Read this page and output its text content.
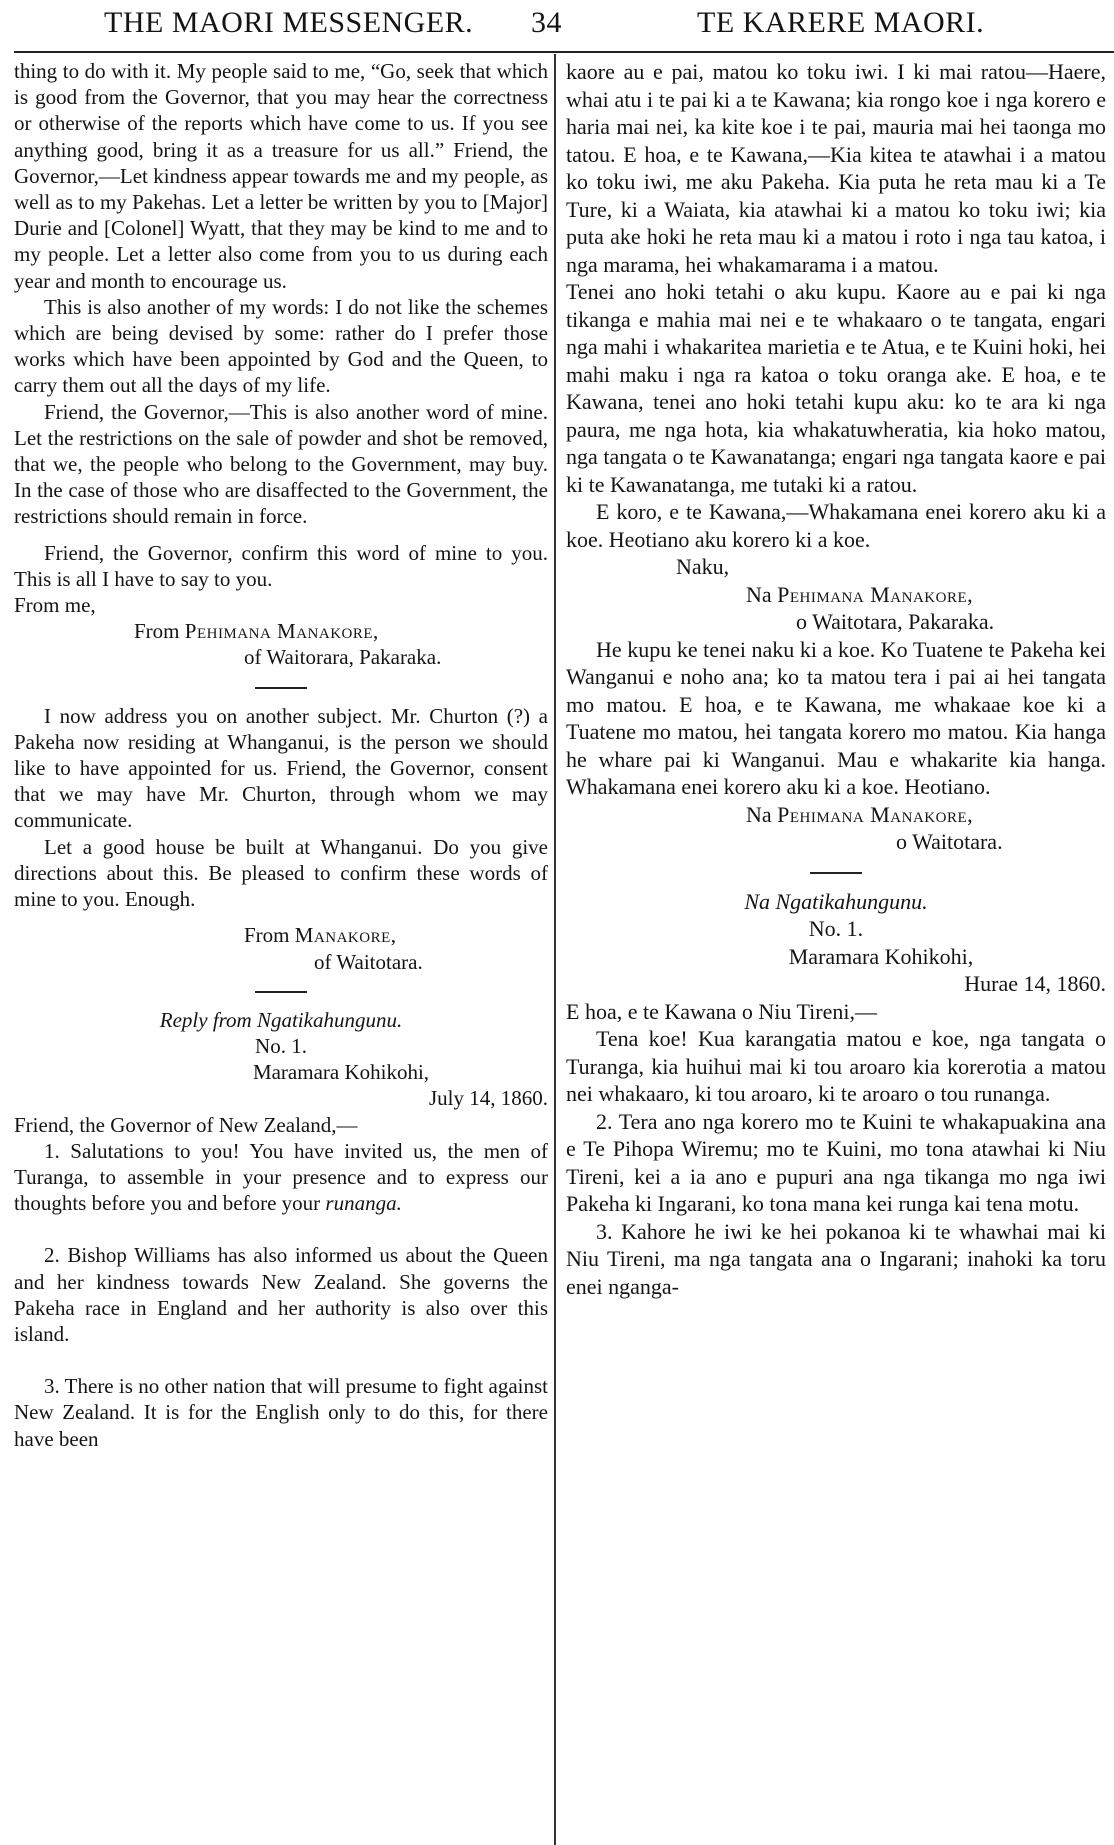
THE MAORI MESSENGER. 34	TE KARERE MAORI.

thing to do with it. My people said to me, “Go, seek that which is good from the Governor, that you may hear the correctness or otherwise of the reports which have come to us. If you see anything good, bring it as a treasure for us all.” Friend, the Governor,—Let kindness appear towards me and my people, as well as to my Pakehas. Let a letter be written by you to [Major] Durie and [Colonel] Wyatt, that they may be kind to me and to my people. Let a letter also come from you to us during each year and month to encourage us.

This is also another of my words: I do not like the schemes which are being devised by some: rather do I prefer those works which have been appointed by God and the Queen, to carry them out all the days of my life.

Friend, the Governor,—This is also another word of mine. Let the restrictions on the sale of powder and shot be removed, that we, the people who belong to the Government, may buy. In the case of those who are disaffected to the Government, the restrictions should remain in force.

Friend, the Governor, confirm this word of mine to you. This is all I have to say to you.

From me,

From Pehimana Manakore,

of Waitorara, Pakaraka.

I now address you on another subject. Mr. Churton (?) a Pakeha now residing at Whanganui, is the person we should like to have appointed for us. Friend, the Governor, consent that we may have Mr. Churton, through whom we may communicate.

Let a good house be built at Whanganui. Do you give directions about this. Be pleased to confirm these words of mine to you. Enough.

From Manakore,

of Waitotara.

Reply from Ngatikahungunu.

No. 1.

Maramara Kohikohi,

July 14, 1860.

Friend, the Governor of New Zealand,—

1. Salutations to you! You have invited us, the men of Turanga, to assemble in your presence and to express our thoughts before you and before your runanga.

2. Bishop Williams has also informed us about the Queen and her kindness towards New Zealand. She governs the Pakeha race in England and her authority is also over this island.

3. There is no other nation that will presume to fight against New Zealand. It is for the English only to do this, for there have been

kaore au e pai, matou ko toku iwi. I ki mai ratou—Haere, whai atu i te pai ki a te Kawana; kia rongo koe i nga korero e haria mai nei, ka kite koe i te pai, mauria mai hei taonga mo tatou. E hoa, e te Kawana,—Kia kitea te atawhai i a matou ko toku iwi, me aku Pakeha. Kia puta he reta mau ki a Te Ture, ki a Waiata, kia atawhai ki a matou ko toku iwi; kia puta ake hoki he reta mau ki a matou i roto i nga tau katoa, i nga marama, hei whakamarama i a matou.

Tenei ano hoki tetahi o aku kupu. Kaore au e pai ki nga tikanga e mahia mai nei e te whakaaro o te tangata, engari nga mahi i whakaritea marietia e te Atua, e te Kuini hoki, hei mahi maku i nga ra katoa o toku oranga ake. E hoa, e te Kawana, tenei ano hoki tetahi kupu aku: ko te ara ki nga paura, me nga hota, kia whakatuwheratia, kia hoko matou, nga tangata o te Kawanatanga; engari nga tangata kaore e pai ki te Kawanatanga, me tutaki ki a ratou.

E koro, e te Kawana,—Whakamana enei korero aku ki a koe. Heotiano aku korero ki a koe.

Naku,

Na Pehimana Manakore,

o Waitotara, Pakaraka.

He kupu ke tenei naku ki a koe. Ko Tuatene te Pakeha kei Wanganui e noho ana; ko ta matou tera i pai ai hei tangata mo matou. E hoa, e te Kawana, me whakaae koe ki a Tuatene mo matou, hei tangata korero mo matou. Kia hanga he whare pai ki Wanganui. Mau e whakarite kia hanga. Whakamana enei korero aku ki a koe. Heotiano.

Na Pehimana Manakore,

o Waitotara.

Na Ngatikahungunu.

No. 1.

Maramara Kohikohi,

Hurae 14, 1860.

E hoa, e te Kawana o Niu Tireni,—

Tena koe! Kua karangatia matou e koe, nga tangata o Turanga, kia huihui mai ki tou aroaro kia korerotia a matou nei whakaaro, ki tou aroaro, ki te aroaro o tou runanga.

2. Tera ano nga korero mo te Kuini te whakapuakina ana e Te Pihopa Wiremu; mo te Kuini, mo tona atawhai ki Niu Tireni, kei a ia ano e pupuri ana nga tikanga mo nga iwi Pakeha ki Ingarani, ko tona mana kei runga kai tena motu.

3. Kahore he iwi ke hei pokanoa ki te whawhai mai ki Niu Tireni, ma nga tangata ana o Ingarani; inahoki ka toru enei nganga-
